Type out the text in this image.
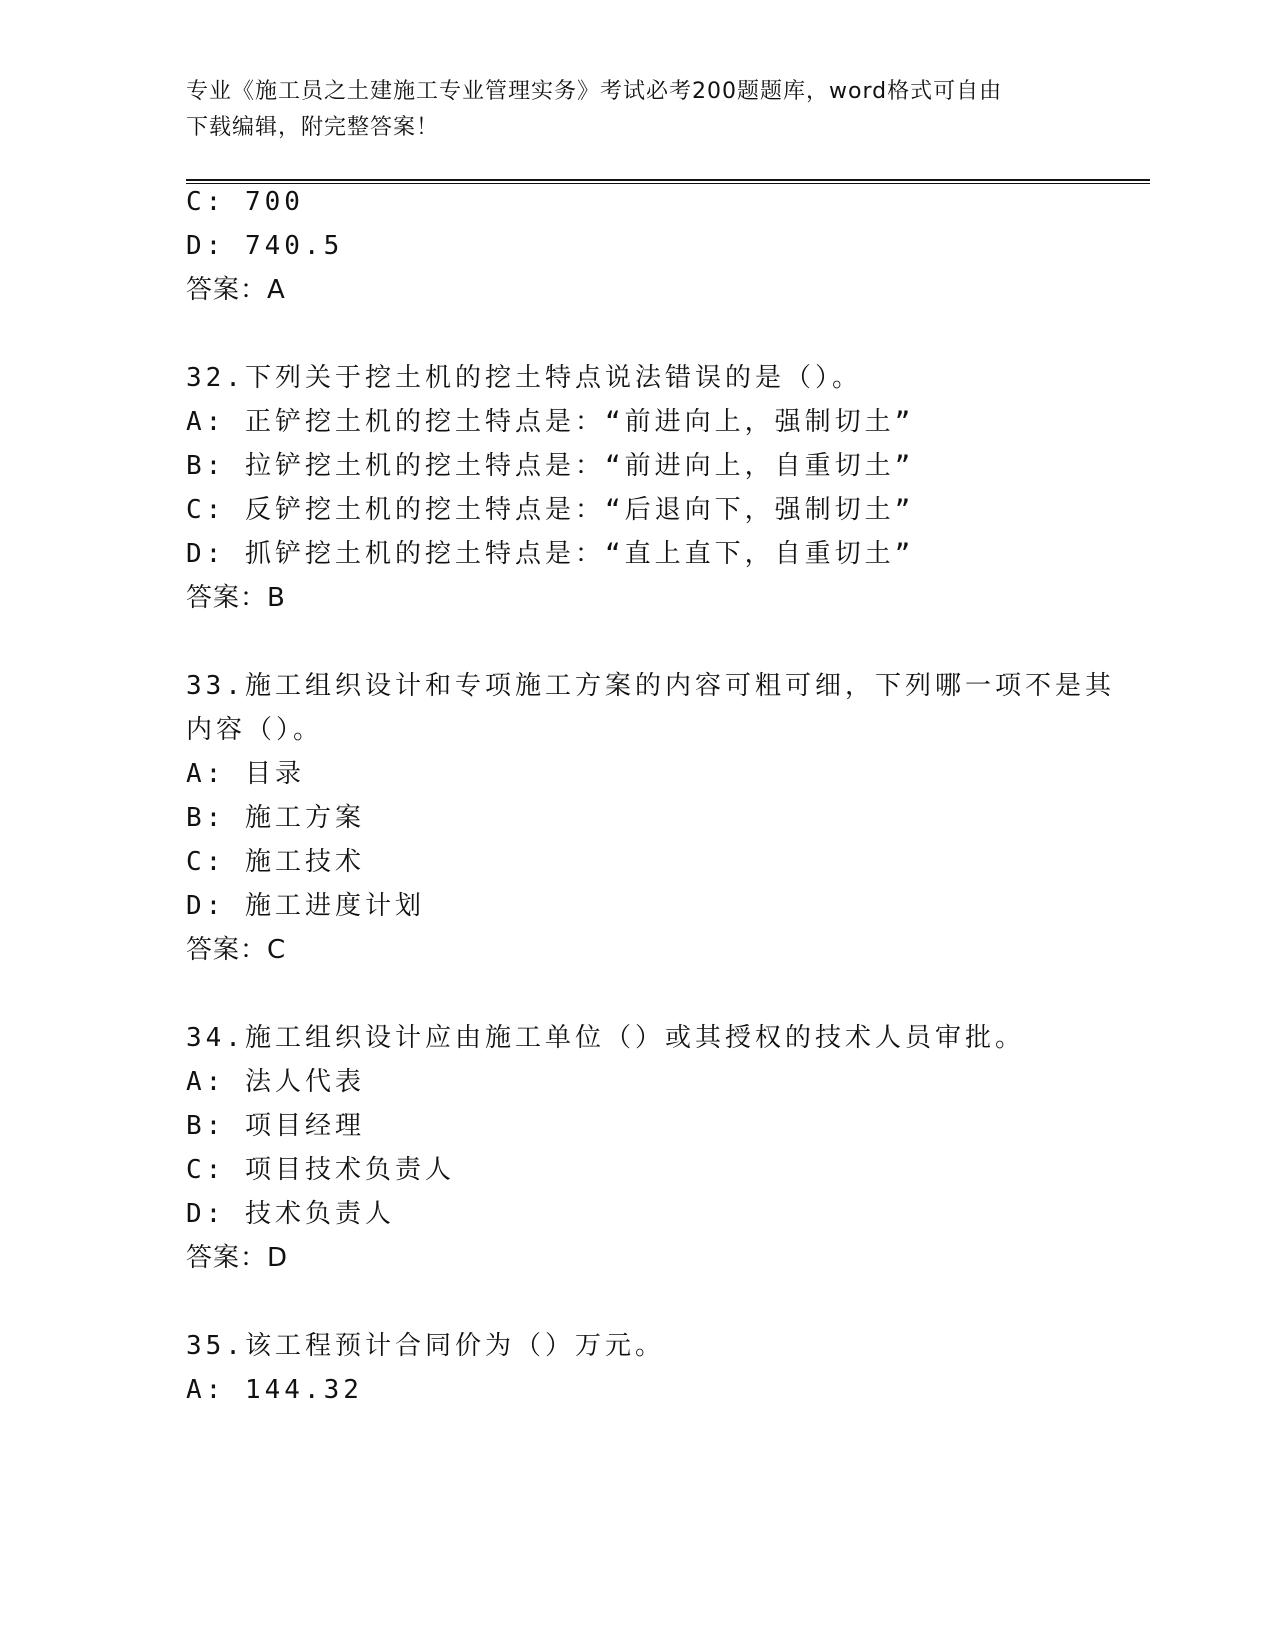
专业《施工员之土建施工专业管理实务》考试必考200题题库，word格式可自由
下载编辑，附完整答案！
C: 700
D: 740.5
答案：A
32.下列关于挖土机的挖土特点说法错误的是（）。
A: 正铲挖土机的挖土特点是：“前进向上，强制切土”
B: 拉铲挖土机的挖土特点是：“前进向上，自重切土”
C: 反铲挖土机的挖土特点是：“后退向下，强制切土”
D: 抓铲挖土机的挖土特点是：“直上直下，自重切土”
答案：B
33.施工组织设计和专项施工方案的内容可粗可细，下列哪一项不是其
内容（）。
A: 目录
B: 施工方案
C: 施工技术
D: 施工进度计划
答案：C
34.施工组织设计应由施工单位（）或其授权的技术人员审批。
A: 法人代表
B: 项目经理
C: 项目技术负责人
D: 技术负责人
答案：D
35.该工程预计合同价为（）万元。
A: 144.32
